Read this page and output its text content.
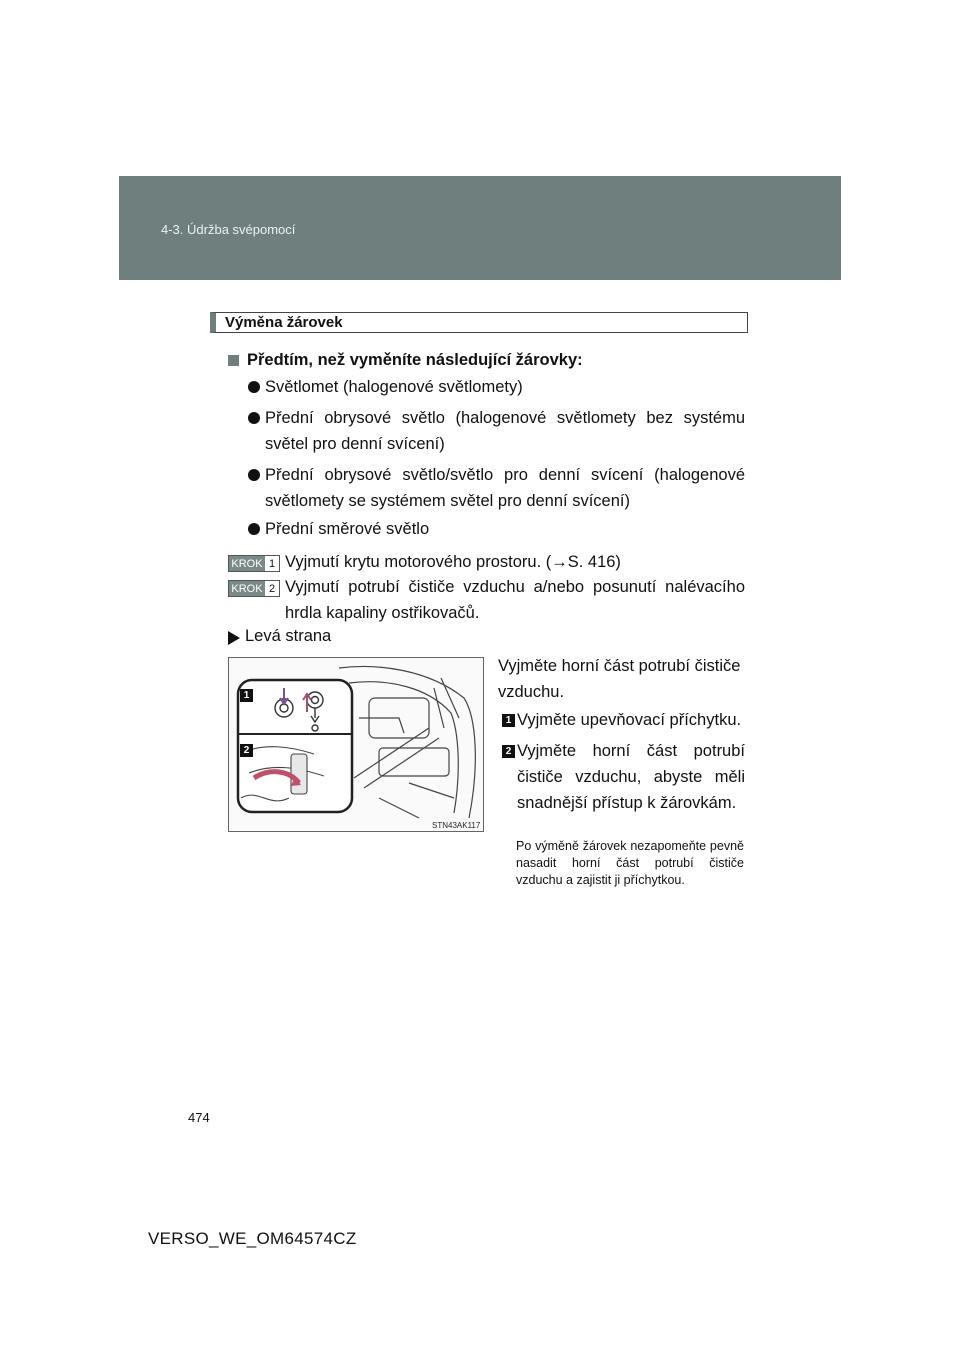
4-3. Údržba svépomocí
Výměna žárovek
Předtím, než vyměníte následující žárovky:
Světlomet (halogenové světlomety)
Přední obrysové světlo (halogenové světlomety bez systému světel pro denní svícení)
Přední obrysové světlo/světlo pro denní svícení (halogenové světlomety se systémem světel pro denní svícení)
Přední směrové světlo
KROK 1 Vyjmutí krytu motorového prostoru. (→S. 416)
KROK 2 Vyjmutí potrubí čističe vzduchu a/nebo posunutí nalévacího hrdla kapaliny ostřikovačů.
Levá strana
STN43AK117
1
2
Vyjměte horní část potrubí čističe vzduchu.
1 Vyjměte upevňovací příchytku.
2 Vyjměte horní část potrubí čističe vzduchu, abyste měli snadnější přístup k žárovkám.
Po výměně žárovek nezapomeňte pevně nasadit horní část potrubí čističe vzduchu a zajistit ji příchytkou.
474
VERSO_WE_OM64574CZ
